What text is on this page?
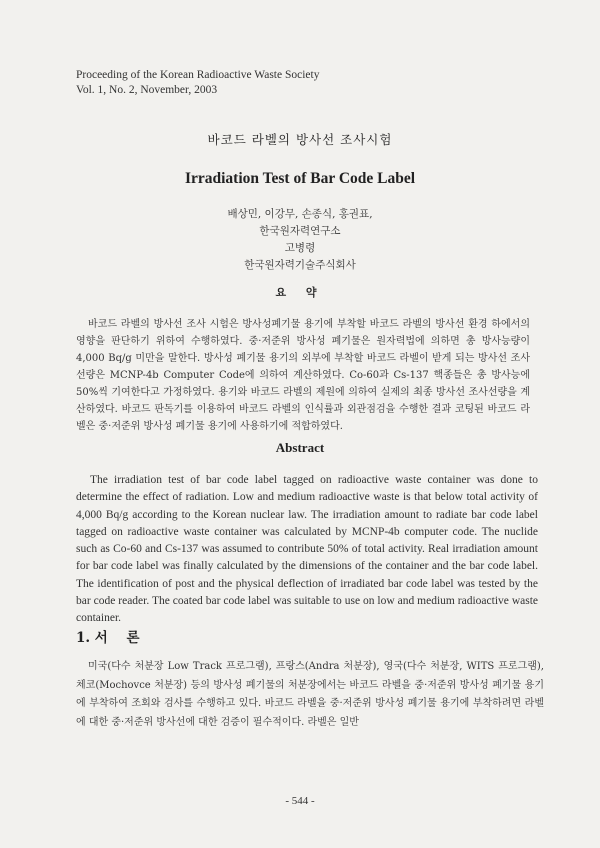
Proceeding of the Korean Radioactive Waste Society
Vol. 1, No. 2, November, 2003
바코드 라벨의 방사선 조사시험
Irradiation Test of Bar Code Label
배상민, 이강무, 손종식, 홍권표,
한국원자력연구소
고병령
한국원자력기술주식회사
요 약

바코드 라벨의 방사선 조사 시험은 방사성폐기물 용기에 부착할 바코드 라벨의 방사선 환경 하에서의 영향을 판단하기 위하여 수행하였다. 중·저준위 방사성 폐기물은 원자력법에 의하면 총 방사능량이 4,000 Bq/g 미만을 말한다. 방사성 폐기물 용기의 외부에 부착할 바코드 라벨이 받게 되는 방사선 조사선량은 MCNP-4b Computer Code에 의하여 계산하였다. Co-60과 Cs-137 핵종들은 총 방사능에 50%씩 기여한다고 가정하였다. 용기와 바코드 라벨의 제원에 의하여 실제의 최종 방사선 조사선량을 계산하였다. 바코드 판독기를 이용하여 바코드 라벨의 인식률과 외관점검을 수행한 결과 코팅된 바코드 라벨은 중·저준위 방사성 폐기물 용기에 사용하기에 적합하였다.

Abstract

The irradiation test of bar code label tagged on radioactive waste container was done to determine the effect of radiation. Low and medium radioactive waste is that below total activity of 4,000 Bq/g according to the Korean nuclear law. The irradiation amount to radiate bar code label tagged on radioactive waste container was calculated by MCNP-4b computer code. The nuclide such as Co-60 and Cs-137 was assumed to contribute 50% of total activity. Real irradiation amount for bar code label was finally calculated by the dimensions of the container and the bar code label. The identification of post and the physical deflection of irradiated bar code label was tested by the bar code reader. The coated bar code label was suitable to use on low and medium radioactive waste container.

1. 서 론

미국(다수 처분장 Low Track 프로그램), 프랑스(Andra 처분장), 영국(다수 처분장, WITS 프로그램), 체코(Mochovce 처분장) 등의 방사성 폐기물의 처분장에서는 바코드 라벨을 중·저준위 방사성 폐기물 용기에 부착하여 조회와 검사를 수행하고 있다. 바코드 라벨을 중·저준위 방사성 폐기물 용기에 부착하려면 라벨에 대한 중·저준위 방사선에 대한 검증이 필수적이다. 라벨은 일반

- 544 -
